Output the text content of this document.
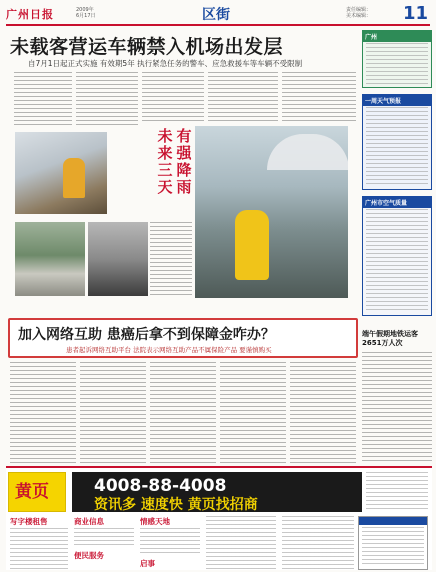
广州日报	2009年
6月17日	区街	责任编辑：
美术编辑： 11
未载客营运车辆禁入机场出发层
自7月1日起正式实施 有效期5年 执行紧急任务的警车、应急救援车等车辆不受限制
未来三天
有强降雨
广州
一周天气预报
广州市空气质量
端午假期地铁运客2651万人次
加入网络互助 患癌后拿不到保障金咋办？
患者起诉网络互助平台 法院表示网络互助产品不属保险产品 要谨慎购买
黄页	4008-88-4008
资讯多 速度快 黄页找招商
写字楼租售	商业信息	情感天地
便民服务
启事
